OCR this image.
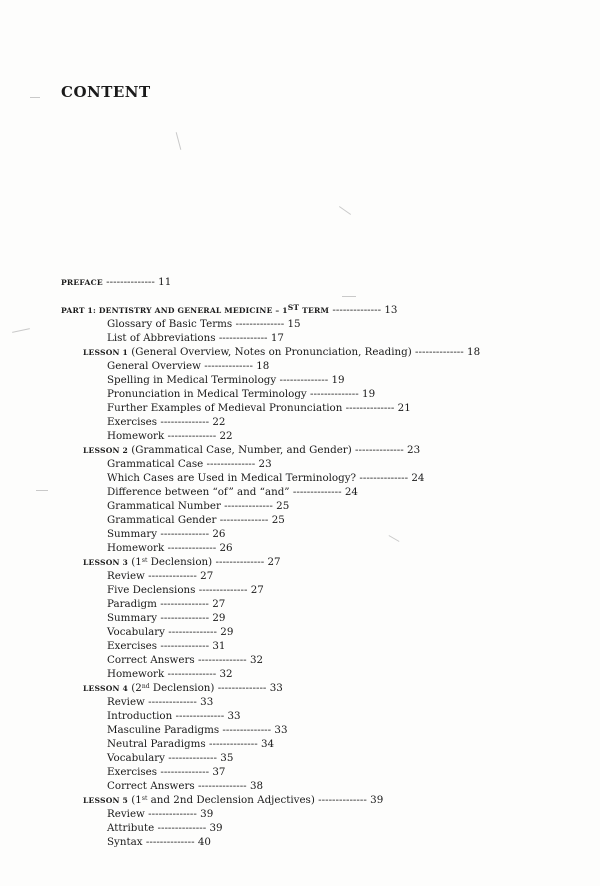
CONTENT
PREFACE -------------- 11
PART 1: DENTISTRY AND GENERAL MEDICINE – 1ST TERM -------------- 13
Glossary of Basic Terms -------------- 15
List of Abbreviations -------------- 17
LESSON 1 (General Overview, Notes on Pronunciation, Reading) -------------- 18
General Overview -------------- 18
Spelling in Medical Terminology -------------- 19
Pronunciation in Medical Terminology -------------- 19
Further Examples of Medieval Pronunciation -------------- 21
Exercises -------------- 22
Homework -------------- 22
LESSON 2 (Grammatical Case, Number, and Gender) -------------- 23
Grammatical Case -------------- 23
Which Cases are Used in Medical Terminology? -------------- 24
Difference between “of” and “and” -------------- 24
Grammatical Number -------------- 25
Grammatical Gender -------------- 25
Summary -------------- 26
Homework -------------- 26
LESSON 3 (1st Declension) -------------- 27
Review -------------- 27
Five Declensions -------------- 27
Paradigm -------------- 27
Summary -------------- 29
Vocabulary -------------- 29
Exercises -------------- 31
Correct Answers -------------- 32
Homework -------------- 32
LESSON 4 (2nd Declension) -------------- 33
Review -------------- 33
Introduction -------------- 33
Masculine Paradigms -------------- 33
Neutral Paradigms -------------- 34
Vocabulary -------------- 35
Exercises -------------- 37
Correct Answers -------------- 38
LESSON 5 (1st and 2nd Declension Adjectives) -------------- 39
Review -------------- 39
Attribute -------------- 39
Syntax -------------- 40
